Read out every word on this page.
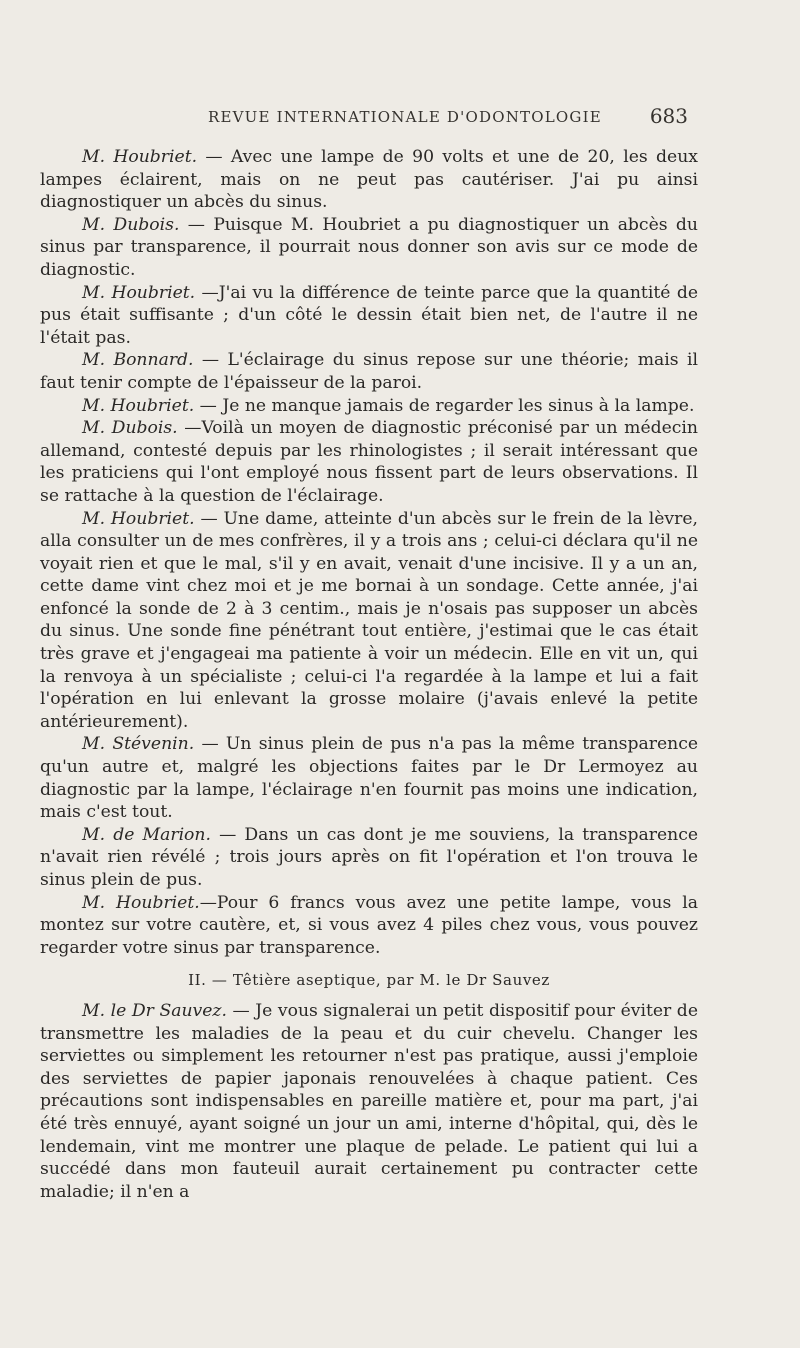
REVUE INTERNATIONALE D'ODONTOLOGIE 683

M. Houbriet. — Avec une lampe de 90 volts et une de 20, les deux lampes éclairent, mais on ne peut pas cautériser. J'ai pu ainsi diagnostiquer un abcès du sinus.

M. Dubois. — Puisque M. Houbriet a pu diagnostiquer un abcès du sinus par transparence, il pourrait nous donner son avis sur ce mode de diagnostic.

M. Houbriet. —J'ai vu la différence de teinte parce que la quantité de pus était suffisante ; d'un côté le dessin était bien net, de l'autre il ne l'était pas.

M. Bonnard. — L'éclairage du sinus repose sur une théorie; mais il faut tenir compte de l'épaisseur de la paroi.

M. Houbriet. — Je ne manque jamais de regarder les sinus à la lampe.

M. Dubois. —Voilà un moyen de diagnostic préconisé par un médecin allemand, contesté depuis par les rhinologistes ; il serait intéressant que les praticiens qui l'ont employé nous fissent part de leurs observations. Il se rattache à la question de l'éclairage.

M. Houbriet. — Une dame, atteinte d'un abcès sur le frein de la lèvre, alla consulter un de mes confrères, il y a trois ans ; celui-ci déclara qu'il ne voyait rien et que le mal, s'il y en avait, venait d'une incisive. Il y a un an, cette dame vint chez moi et je me bornai à un sondage. Cette année, j'ai enfoncé la sonde de 2 à 3 centim., mais je n'osais pas supposer un abcès du sinus. Une sonde fine pénétrant tout entière, j'estimai que le cas était très grave et j'engageai ma patiente à voir un médecin. Elle en vit un, qui la renvoya à un spécialiste ; celui-ci l'a regardée à la lampe et lui a fait l'opération en lui enlevant la grosse molaire (j'avais enlevé la petite antérieurement).

M. Stévenin. — Un sinus plein de pus n'a pas la même transparence qu'un autre et, malgré les objections faites par le Dr Lermoyez au diagnostic par la lampe, l'éclairage n'en fournit pas moins une indication, mais c'est tout.

M. de Marion. — Dans un cas dont je me souviens, la transparence n'avait rien révélé ; trois jours après on fit l'opération et l'on trouva le sinus plein de pus.

M. Houbriet.—Pour 6 francs vous avez une petite lampe, vous la montez sur votre cautère, et, si vous avez 4 piles chez vous, vous pouvez regarder votre sinus par transparence.

II. — Têtière aseptique, par M. le Dr Sauvez

M. le Dr Sauvez. — Je vous signalerai un petit dispositif pour éviter de transmettre les maladies de la peau et du cuir chevelu. Changer les serviettes ou simplement les retourner n'est pas pratique, aussi j'emploie des serviettes de papier japonais renouvelées à chaque patient. Ces précautions sont indispensables en pareille matière et, pour ma part, j'ai été très ennuyé, ayant soigné un jour un ami, interne d'hôpital, qui, dès le lendemain, vint me montrer une plaque de pelade. Le patient qui lui a succédé dans mon fauteuil aurait certainement pu contracter cette maladie; il n'en a
